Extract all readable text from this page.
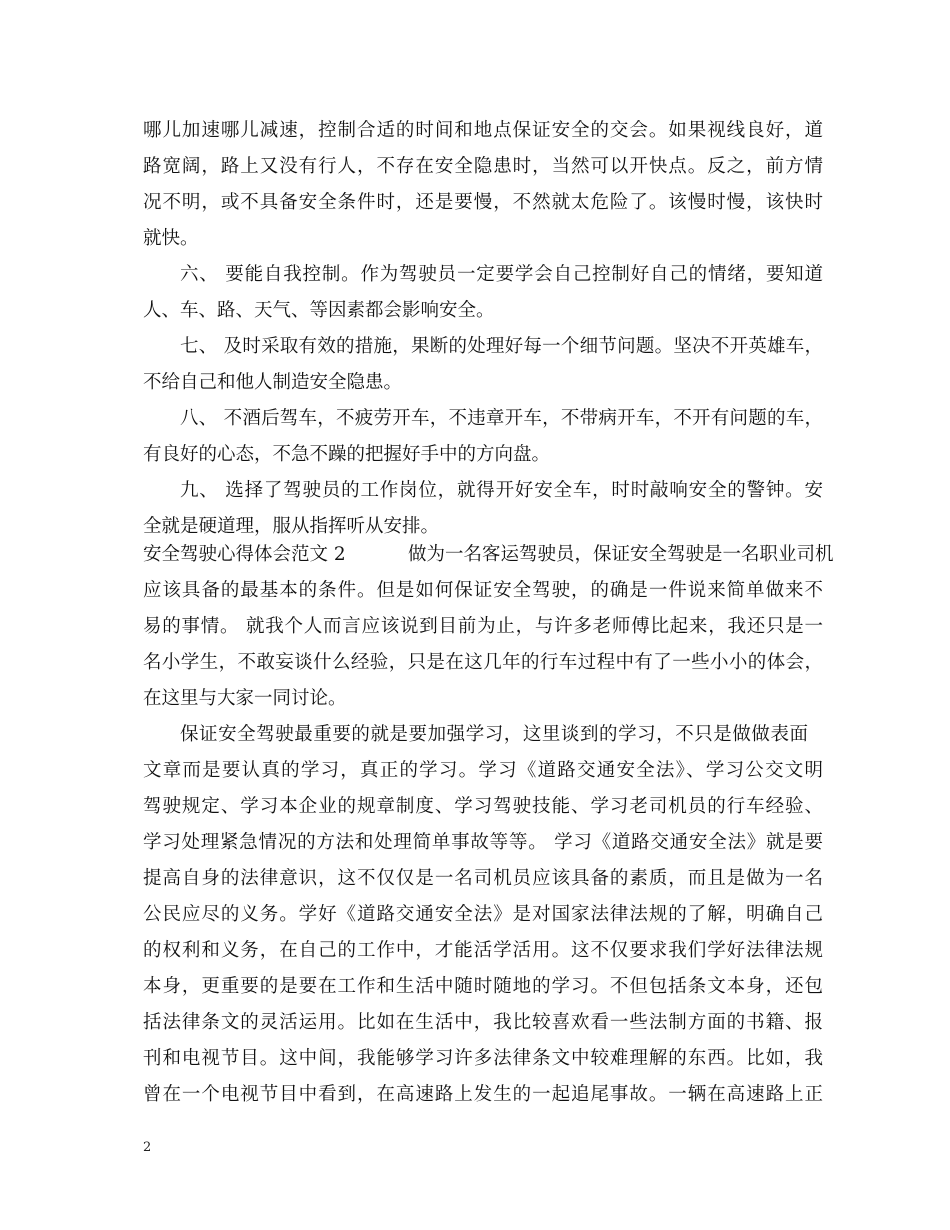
哪儿加速哪儿减速，控制合适的时间和地点保证安全的交会。如果视线良好，道
路宽阔，路上又没有行人，不存在安全隐患时，当然可以开快点。反之，前方情
况不明，或不具备安全条件时，还是要慢，不然就太危险了。该慢时慢，该快时
就快。
六、 要能自我控制。作为驾驶员一定要学会自己控制好自己的情绪，要知道
人、车、路、天气、等因素都会影响安全。
七、 及时采取有效的措施，果断的处理好每一个细节问题。坚决不开英雄车，
不给自己和他人制造安全隐患。
八、 不酒后驾车，不疲劳开车，不违章开车，不带病开车，不开有问题的车，
有良好的心态，不急不躁的把握好手中的方向盘。
九、 选择了驾驶员的工作岗位，就得开好安全车，时时敲响安全的警钟。安
全就是硬道理，服从指挥听从安排。
安全驾驶心得体会范文 2	做为一名客运驾驶员，保证安全驾驶是一名职业司机
应该具备的最基本的条件。但是如何保证安全驾驶，的确是一件说来简单做来不
易的事情。 就我个人而言应该说到目前为止，与许多老师傅比起来，我还只是一
名小学生，不敢妄谈什么经验，只是在这几年的行车过程中有了一些小小的体会，
在这里与大家一同讨论。
保证安全驾驶最重要的就是要加强学习，这里谈到的学习，不只是做做表面
文章而是要认真的学习，真正的学习。学习《道路交通安全法》、学习公交文明
驾驶规定、学习本企业的规章制度、学习驾驶技能、学习老司机员的行车经验、
学习处理紧急情况的方法和处理简单事故等等。 学习《道路交通安全法》就是要
提高自身的法律意识，这不仅仅是一名司机员应该具备的素质，而且是做为一名
公民应尽的义务。学好《道路交通安全法》是对国家法律法规的了解，明确自己
的权利和义务，在自己的工作中，才能活学活用。这不仅要求我们学好法律法规
本身，更重要的是要在工作和生活中随时随地的学习。不但包括条文本身，还包
括法律条文的灵活运用。比如在生活中，我比较喜欢看一些法制方面的书籍、报
刊和电视节目。这中间，我能够学习许多法律条文中较难理解的东西。比如，我
曾在一个电视节目中看到，在高速路上发生的一起追尾事故。一辆在高速路上正
2
